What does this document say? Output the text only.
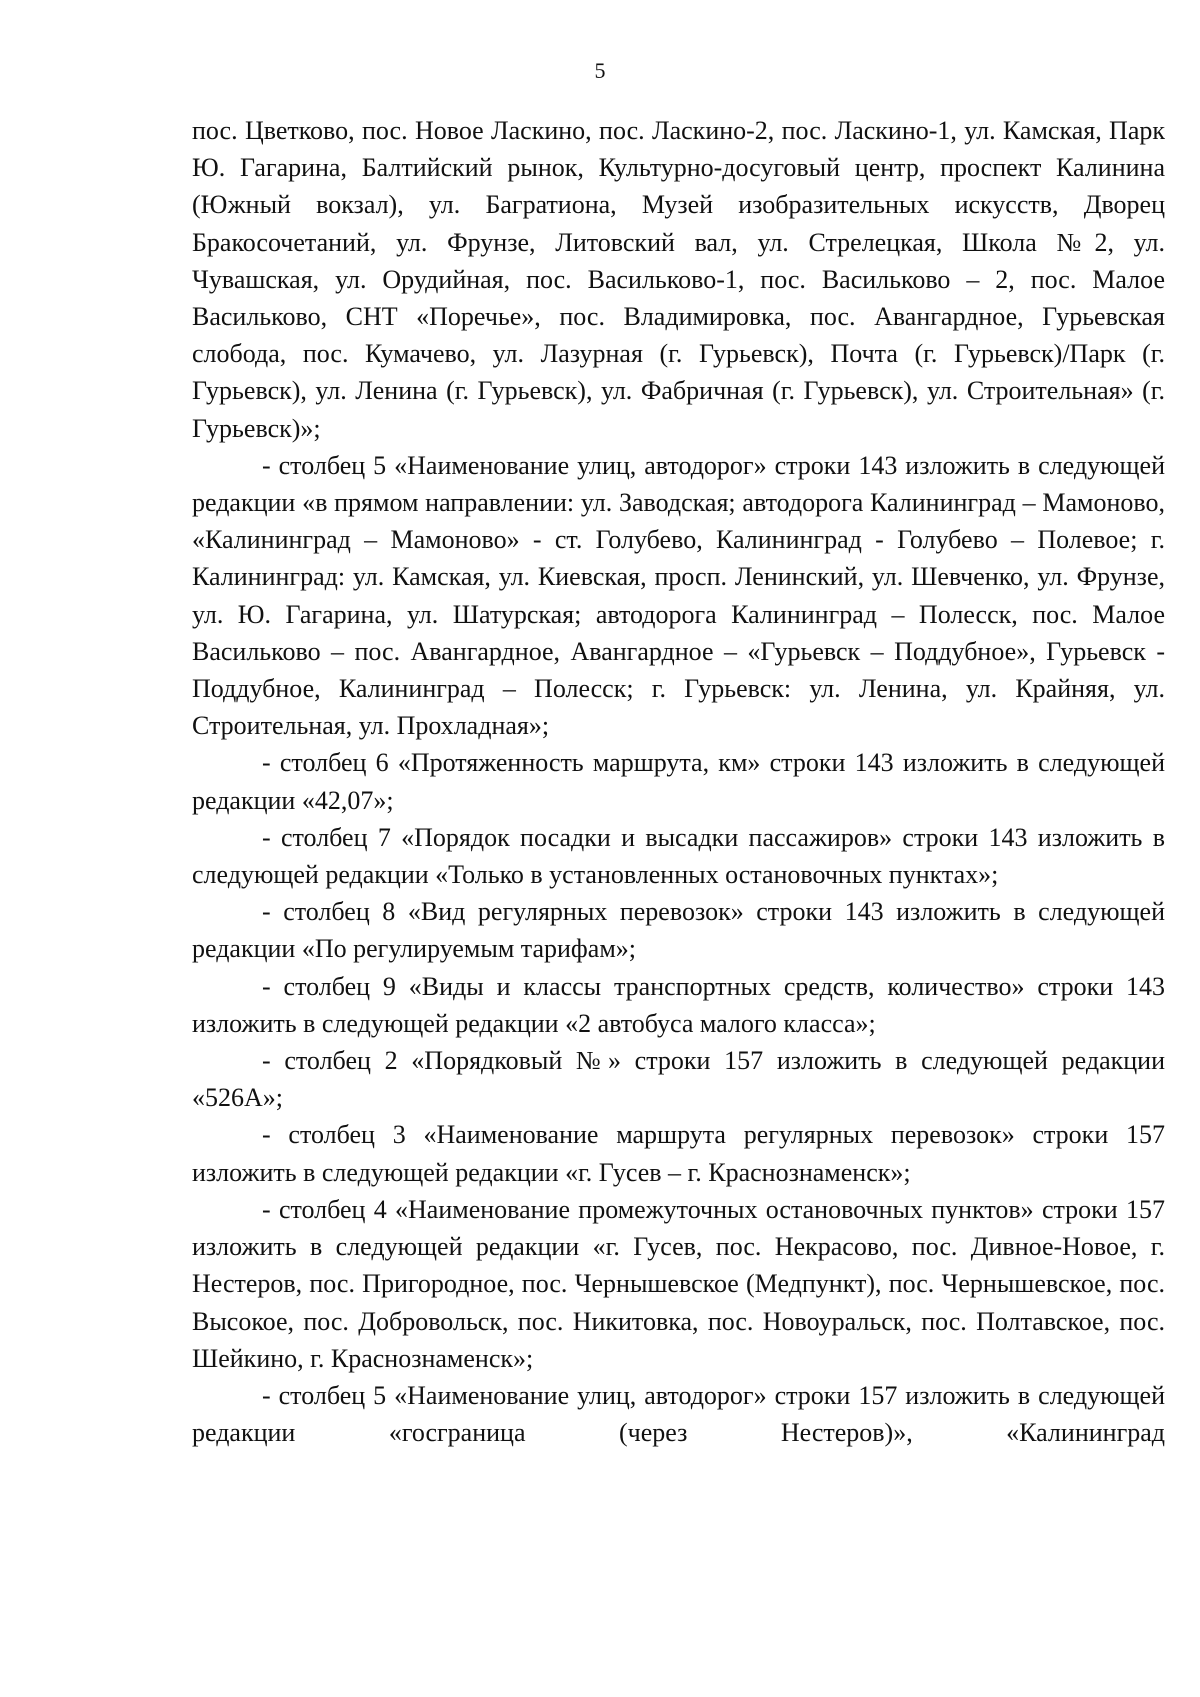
5

пос. Цветково, пос. Новое Ласкино, пос. Ласкино-2, пос. Ласкино-1, ул. Камская, Парк Ю. Гагарина, Балтийский рынок, Культурно-досуговый центр, проспект Калинина (Южный вокзал), ул. Багратиона, Музей изобразительных искусств, Дворец Бракосочетаний, ул. Фрунзе, Литовский вал, ул. Стрелецкая, Школа №2, ул. Чувашская, ул. Орудийная, пос. Васильково-1, пос. Васильково – 2, пос. Малое Васильково, СНТ «Поречье», пос. Владимировка, пос. Авангардное, Гурьевская слобода, пос. Кумачево, ул. Лазурная (г. Гурьевск), Почта (г. Гурьевск)/Парк (г. Гурьевск), ул. Ленина (г. Гурьевск), ул. Фабричная (г. Гурьевск), ул. Строительная» (г. Гурьевск)»;

- столбец 5 «Наименование улиц, автодорог» строки 143 изложить в следующей редакции «в прямом направлении: ул. Заводская; автодорога Калининград – Мамоново, «Калининград – Мамоново» - ст. Голубево, Калининград - Голубево – Полевое; г. Калининград: ул. Камская, ул. Киевская, просп. Ленинский, ул. Шевченко, ул. Фрунзе, ул. Ю. Гагарина, ул. Шатурская; автодорога Калининград – Полесск, пос. Малое Васильково – пос. Авангардное, Авангардное – «Гурьевск – Поддубное», Гурьевск - Поддубное, Калининград – Полесск; г. Гурьевск: ул. Ленина, ул. Крайняя, ул. Строительная, ул. Прохладная»;

- столбец 6 «Протяженность маршрута, км» строки 143 изложить в следующей редакции «42,07»;

- столбец 7 «Порядок посадки и высадки пассажиров» строки 143 изложить в следующей редакции «Только в установленных остановочных пунктах»;

- столбец 8 «Вид регулярных перевозок» строки 143 изложить в следующей редакции «По регулируемым тарифам»;

- столбец 9 «Виды и классы транспортных средств, количество» строки 143 изложить в следующей редакции «2 автобуса малого класса»;

- столбец 2 «Порядковый №» строки 157 изложить в следующей редакции «526А»;

- столбец 3 «Наименование маршрута регулярных перевозок» строки 157 изложить в следующей редакции «г. Гусев – г. Краснознаменск»;

- столбец 4 «Наименование промежуточных остановочных пунктов» строки 157 изложить в следующей редакции «г. Гусев, пос. Некрасово, пос. Дивное-Новое, г. Нестеров, пос. Пригородное, пос. Чернышевское (Медпункт), пос. Чернышевское, пос. Высокое, пос. Добровольск, пос. Никитовка, пос. Новоуральск, пос. Полтавское, пос. Шейкино, г. Краснознаменск»;

- столбец 5 «Наименование улиц, автодорог» строки 157 изложить в следующей редакции «госграница (через Нестеров)», «Калининград
